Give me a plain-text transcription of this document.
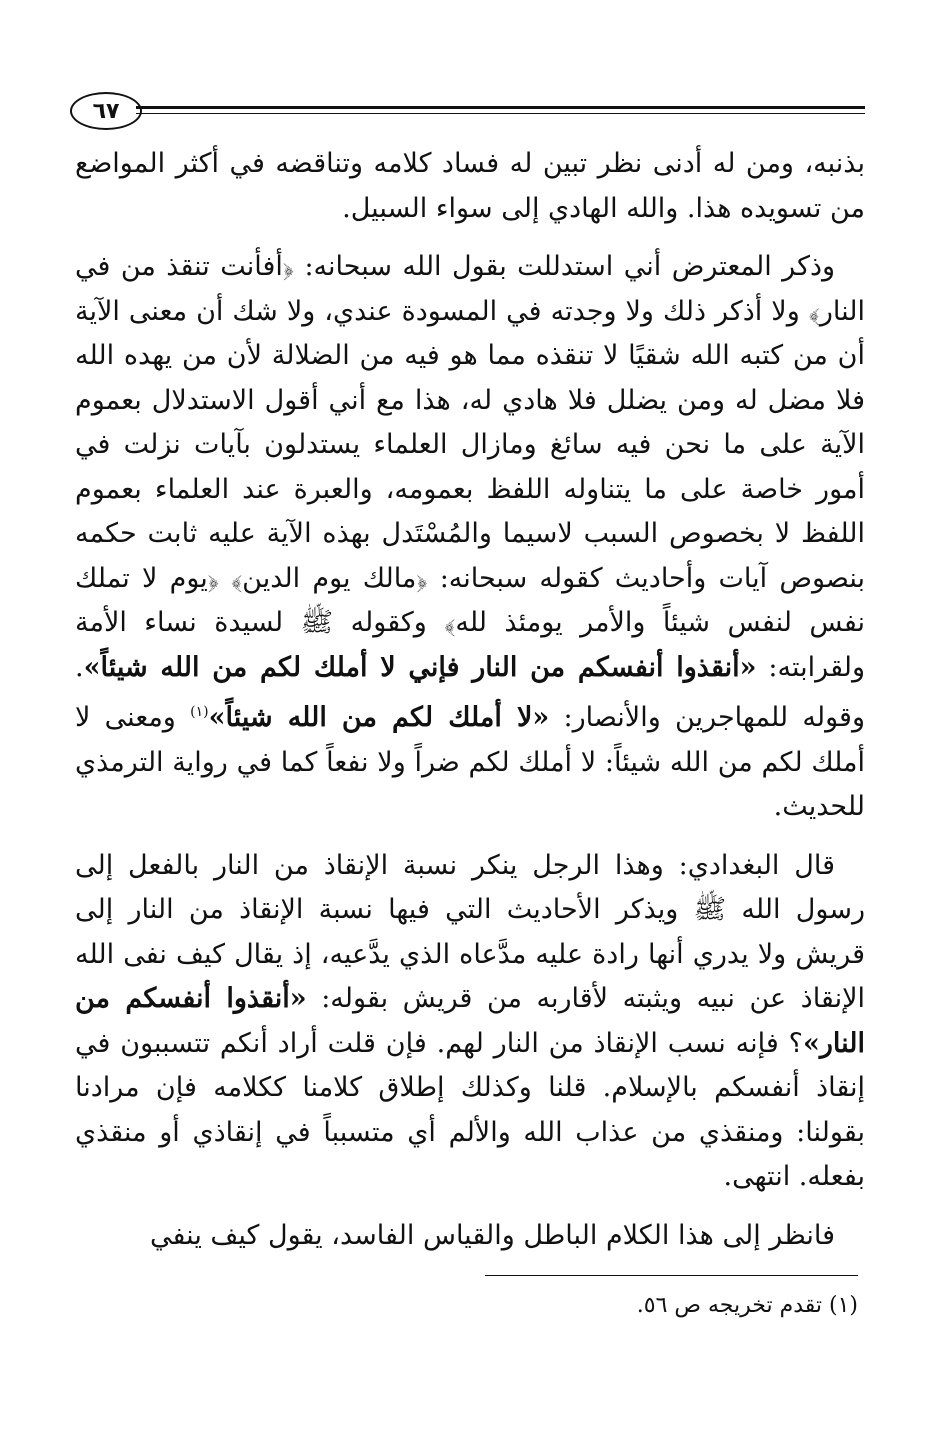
٦٧

بذنبه، ومن له أدنى نظر تبين له فساد كلامه وتناقضه في أكثر المواضع من تسويده هذا. والله الهادي إلى سواء السبيل.

وذكر المعترض أني استدللت بقول الله سبحانه: ﴿أفأنت تنقذ من في النار﴾ ولا أذكر ذلك ولا وجدته في المسودة عندي، ولا شك أن معنى الآية أن من كتبه الله شقيًا لا تنقذه مما هو فيه من الضلالة لأن من يهده الله فلا مضل له ومن يضلل فلا هادي له، هذا مع أني أقول الاستدلال بعموم الآية على ما نحن فيه سائغ ومازال العلماء يستدلون بآيات نزلت في أمور خاصة على ما يتناوله اللفظ بعمومه، والعبرة عند العلماء بعموم اللفظ لا بخصوص السبب لاسيما والمُسْتَدل بهذه الآية عليه ثابت حكمه بنصوص آيات وأحاديث كقوله سبحانه: ﴿مالك يوم الدين﴾ ﴿يوم لا تملك نفس لنفس شيئاً والأمر يومئذ لله﴾ وكقوله ﷺ لسيدة نساء الأمة ولقرابته: «أنقذوا أنفسكم من النار فإني لا أملك لكم من الله شيئاً». وقوله للمهاجرين والأنصار: «لا أملك لكم من الله شيئاً»$^{(١)}$ ومعنى لا أملك لكم من الله شيئاً: لا أملك لكم ضراً ولا نفعاً كما في رواية الترمذي للحديث.

قال البغدادي: وهذا الرجل ينكر نسبة الإنقاذ من النار بالفعل إلى رسول الله ﷺ ويذكر الأحاديث التي فيها نسبة الإنقاذ من النار إلى قريش ولا يدري أنها رادة عليه مدَّعاه الذي يدَّعيه، إذ يقال كيف نفى الله الإنقاذ عن نبيه ويثبته لأقاربه من قريش بقوله: «أنقذوا أنفسكم من النار»؟ فإنه نسب الإنقاذ من النار لهم. فإن قلت أراد أنكم تتسببون في إنقاذ أنفسكم بالإسلام. قلنا وكذلك إطلاق كلامنا ككلامه فإن مرادنا بقولنا: ومنقذي من عذاب الله والألم أي متسبباً في إنقاذي أو منقذي بفعله. انتهى.

فانظر إلى هذا الكلام الباطل والقياس الفاسد، يقول كيف ينفي

(١) تقدم تخريجه ص ٥٦.
